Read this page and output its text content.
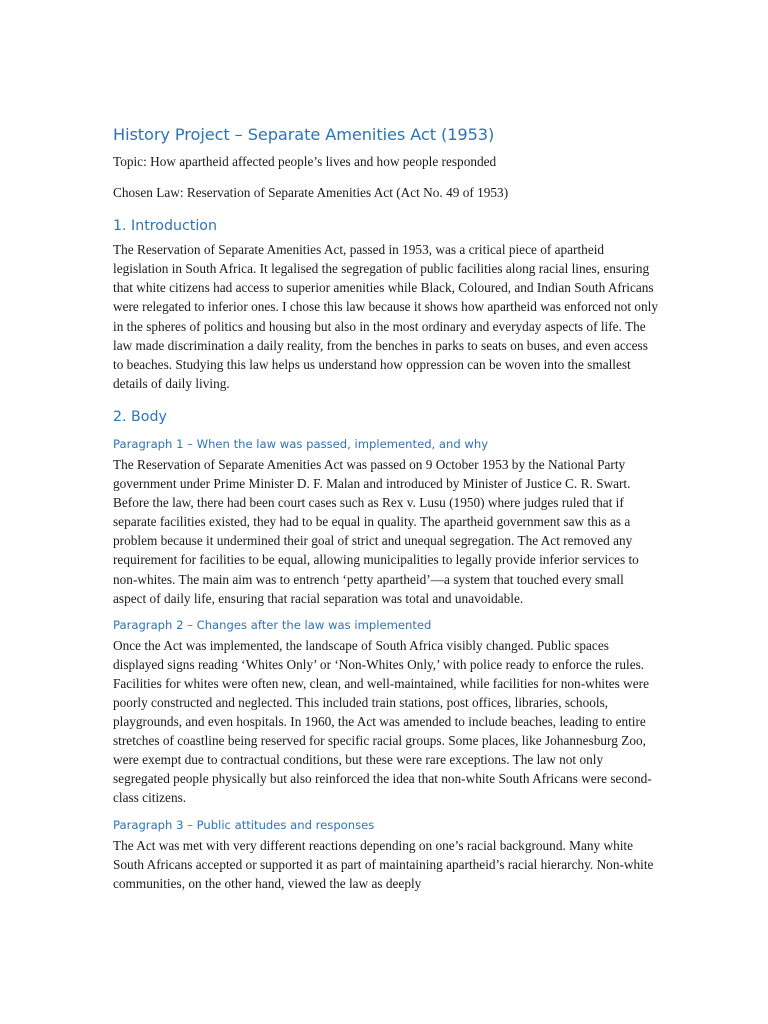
History Project – Separate Amenities Act (1953)

Topic: How apartheid affected people’s lives and how people responded

Chosen Law: Reservation of Separate Amenities Act (Act No. 49 of 1953)

1. Introduction

The Reservation of Separate Amenities Act, passed in 1953, was a critical piece of apartheid legislation in South Africa. It legalised the segregation of public facilities along racial lines, ensuring that white citizens had access to superior amenities while Black, Coloured, and Indian South Africans were relegated to inferior ones. I chose this law because it shows how apartheid was enforced not only in the spheres of politics and housing but also in the most ordinary and everyday aspects of life. The law made discrimination a daily reality, from the benches in parks to seats on buses, and even access to beaches. Studying this law helps us understand how oppression can be woven into the smallest details of daily living.

2. Body
Paragraph 1 – When the law was passed, implemented, and why

The Reservation of Separate Amenities Act was passed on 9 October 1953 by the National Party government under Prime Minister D. F. Malan and introduced by Minister of Justice C. R. Swart. Before the law, there had been court cases such as Rex v. Lusu (1950) where judges ruled that if separate facilities existed, they had to be equal in quality. The apartheid government saw this as a problem because it undermined their goal of strict and unequal segregation. The Act removed any requirement for facilities to be equal, allowing municipalities to legally provide inferior services to non-whites. The main aim was to entrench ‘petty apartheid’—a system that touched every small aspect of daily life, ensuring that racial separation was total and unavoidable.

Paragraph 2 – Changes after the law was implemented

Once the Act was implemented, the landscape of South Africa visibly changed. Public spaces displayed signs reading ‘Whites Only’ or ‘Non-Whites Only,’ with police ready to enforce the rules. Facilities for whites were often new, clean, and well-maintained, while facilities for non-whites were poorly constructed and neglected. This included train stations, post offices, libraries, schools, playgrounds, and even hospitals. In 1960, the Act was amended to include beaches, leading to entire stretches of coastline being reserved for specific racial groups. Some places, like Johannesburg Zoo, were exempt due to contractual conditions, but these were rare exceptions. The law not only segregated people physically but also reinforced the idea that non-white South Africans were second-class citizens.

Paragraph 3 – Public attitudes and responses

The Act was met with very different reactions depending on one’s racial background. Many white South Africans accepted or supported it as part of maintaining apartheid’s racial hierarchy. Non-white communities, on the other hand, viewed the law as deeply
